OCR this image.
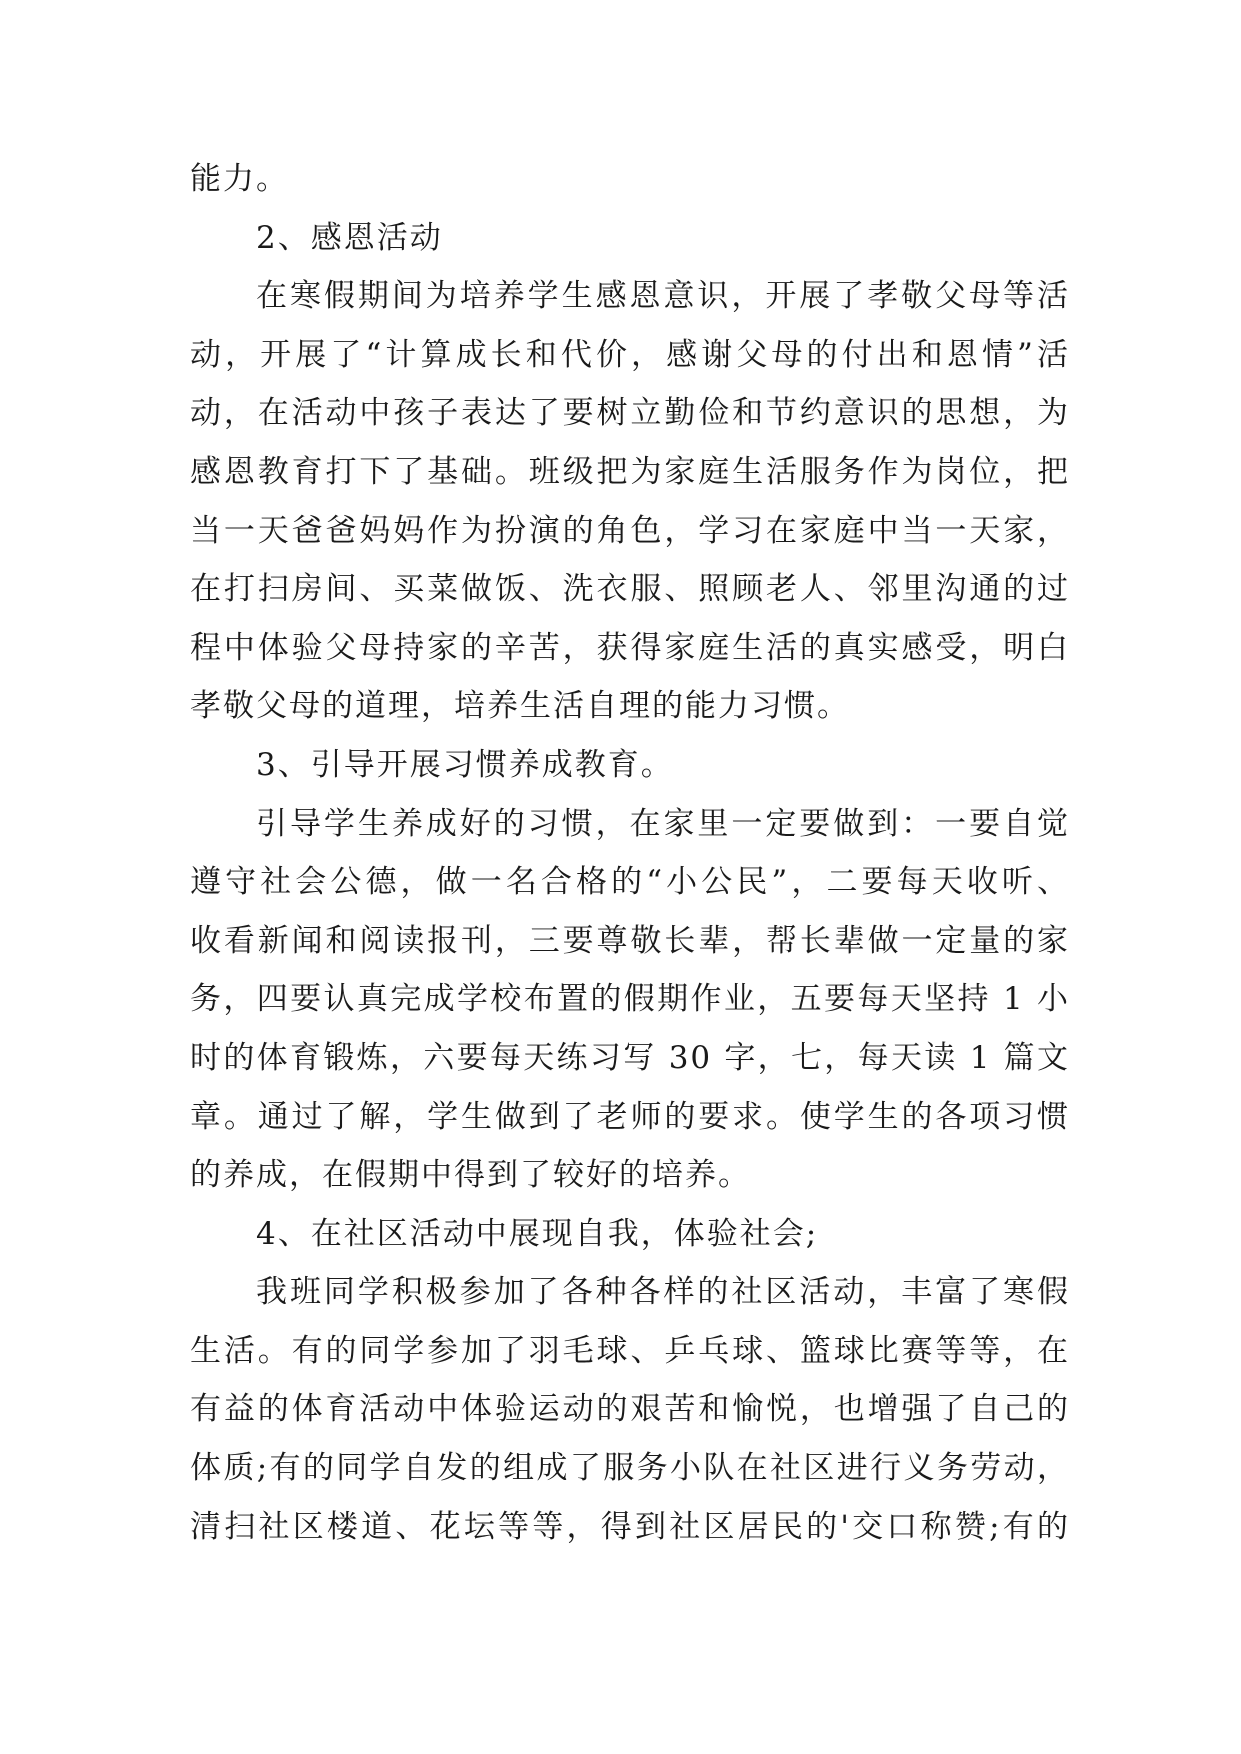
能力。
2、感恩活动
在寒假期间为培养学生感恩意识，开展了孝敬父母等活
动，开展了“计算成长和代价，感谢父母的付出和恩情”活
动，在活动中孩子表达了要树立勤俭和节约意识的思想，为
感恩教育打下了基础。班级把为家庭生活服务作为岗位，把
当一天爸爸妈妈作为扮演的角色，学习在家庭中当一天家，
在打扫房间、买菜做饭、洗衣服、照顾老人、邻里沟通的过
程中体验父母持家的辛苦，获得家庭生活的真实感受，明白
孝敬父母的道理，培养生活自理的能力习惯。
3、引导开展习惯养成教育。
引导学生养成好的习惯，在家里一定要做到：一要自觉
遵守社会公德，做一名合格的“小公民”，二要每天收听、
收看新闻和阅读报刊，三要尊敬长辈，帮长辈做一定量的家
务，四要认真完成学校布置的假期作业，五要每天坚持 1 小
时的体育锻炼，六要每天练习写 30 字，七，每天读 1 篇文
章。通过了解，学生做到了老师的要求。使学生的各项习惯
的养成，在假期中得到了较好的培养。
4、在社区活动中展现自我，体验社会;
我班同学积极参加了各种各样的社区活动，丰富了寒假
生活。有的同学参加了羽毛球、乒乓球、篮球比赛等等，在
有益的体育活动中体验运动的艰苦和愉悦，也增强了自己的
体质;有的同学自发的组成了服务小队在社区进行义务劳动，
清扫社区楼道、花坛等等，得到社区居民的'交口称赞;有的
